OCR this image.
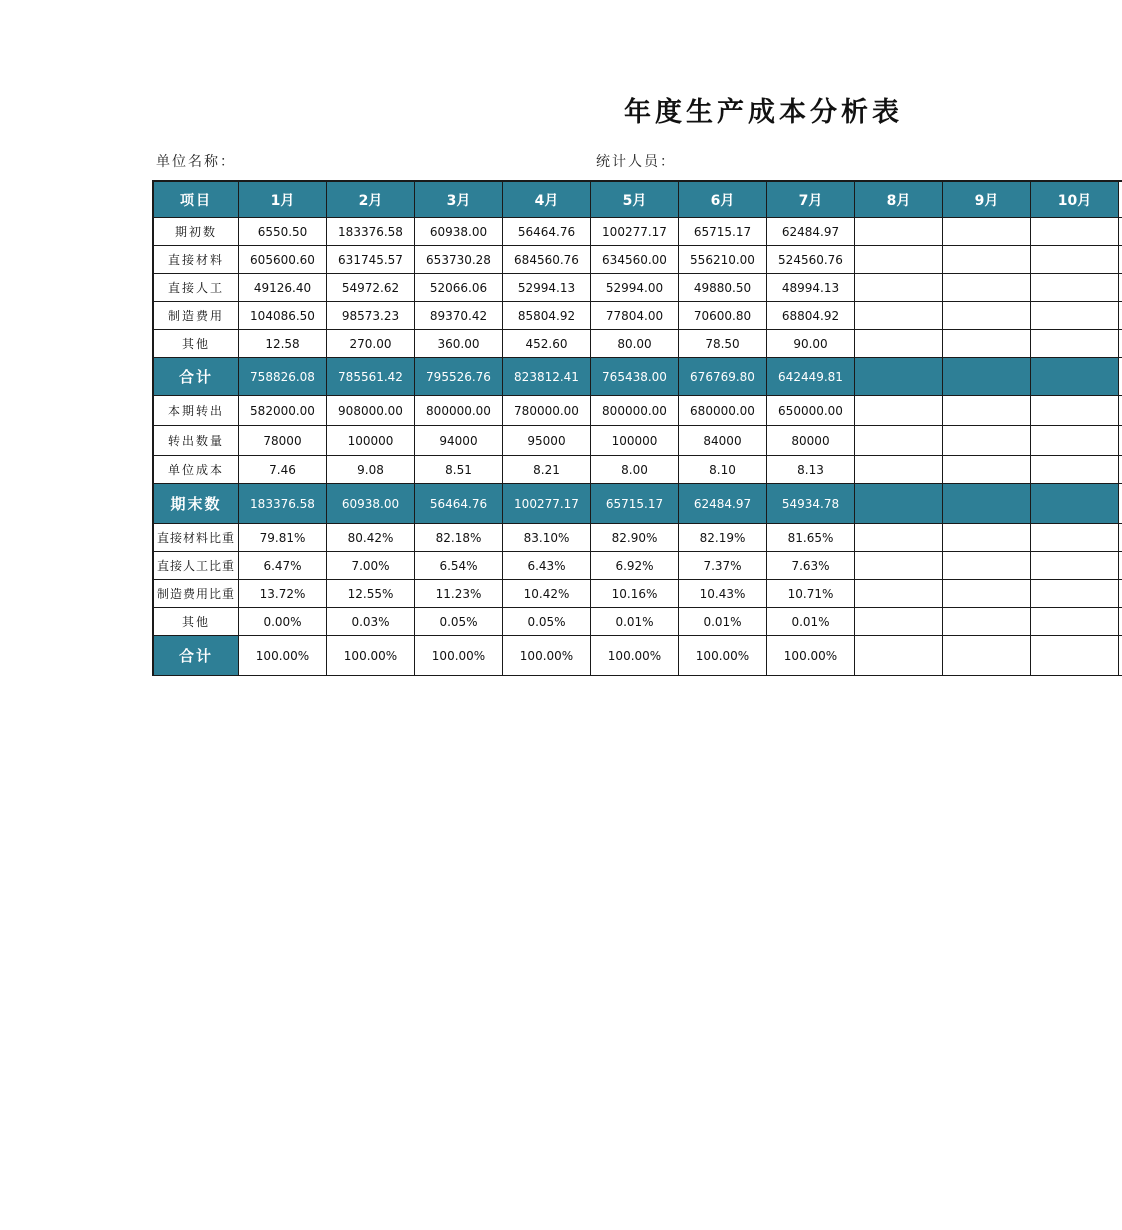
年度生产成本分析表
单位名称：	统计人员：
项目	1月	2月	3月	4月	5月	6月	7月	8月	9月	10月
期初数	6550.50	183376.58	60938.00	56464.76	100277.17	65715.17	62484.97
直接材料	605600.60	631745.57	653730.28	684560.76	634560.00	556210.00	524560.76
直接人工	49126.40	54972.62	52066.06	52994.13	52994.00	49880.50	48994.13
制造费用	104086.50	98573.23	89370.42	85804.92	77804.00	70600.80	68804.92
其他	12.58	270.00	360.00	452.60	80.00	78.50	90.00
合计	758826.08	785561.42	795526.76	823812.41	765438.00	676769.80	642449.81
本期转出	582000.00	908000.00	800000.00	780000.00	800000.00	680000.00	650000.00
转出数量	78000	100000	94000	95000	100000	84000	80000
单位成本	7.46	9.08	8.51	8.21	8.00	8.10	8.13
期末数	183376.58	60938.00	56464.76	100277.17	65715.17	62484.97	54934.78
直接材料比重	79.81%	80.42%	82.18%	83.10%	82.90%	82.19%	81.65%
直接人工比重	6.47%	7.00%	6.54%	6.43%	6.92%	7.37%	7.63%
制造费用比重	13.72%	12.55%	11.23%	10.42%	10.16%	10.43%	10.71%
其他	0.00%	0.03%	0.05%	0.05%	0.01%	0.01%	0.01%
合计	100.00%	100.00%	100.00%	100.00%	100.00%	100.00%	100.00%
